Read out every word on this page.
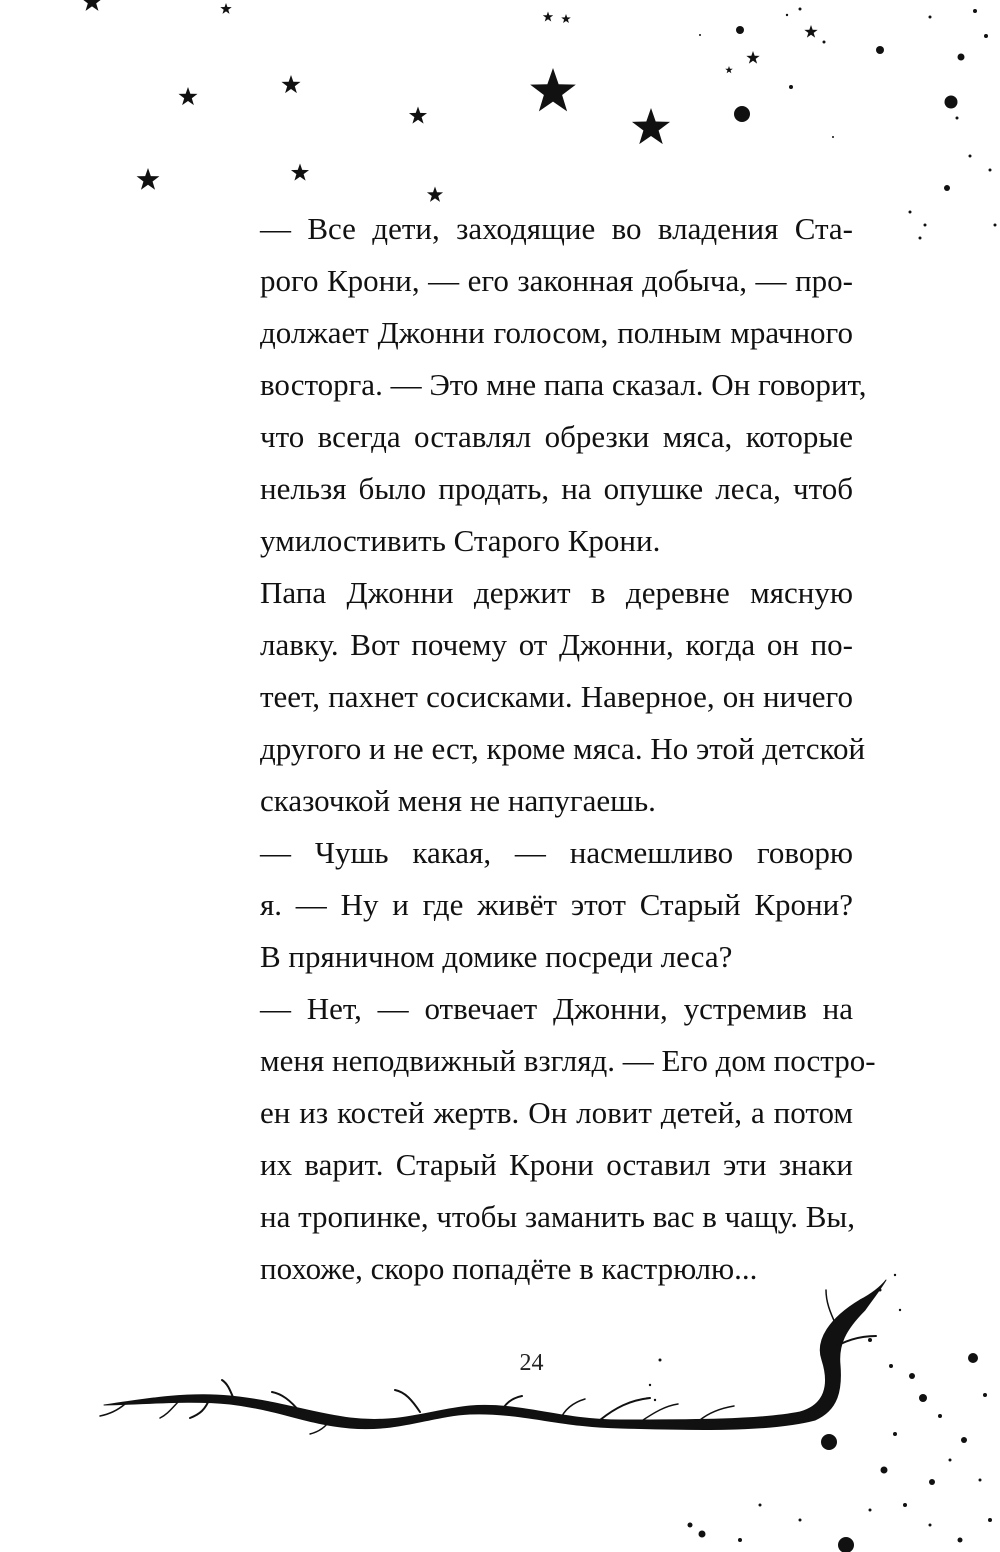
— Все дети, заходящие во владения Ста-
рого Крони, — его законная добыча, — про-
должает Джонни голосом, полным мрачного
восторга. — Это мне папа сказал. Он говорит,
что всегда оставлял обрезки мяса, которые
нельзя было продать, на опушке леса, чтоб
умилостивить Старого Крони.
Папа Джонни держит в деревне мясную
лавку. Вот почему от Джонни, когда он по-
теет, пахнет сосисками. Наверное, он ничего
другого и не ест, кроме мяса. Но этой детской
сказочкой меня не напугаешь.
— Чушь какая, — насмешливо говорю
я. — Ну и где живёт этот Старый Крони?
В пряничном домике посреди леса?
— Нет, — отвечает Джонни, устремив на
меня неподвижный взгляд. — Его дом постро-
ен из костей жертв. Он ловит детей, а потом
их варит. Старый Крони оставил эти знаки
на тропинке, чтобы заманить вас в чащу. Вы,
похоже, скоро попадёте в кастрюлю...
24
